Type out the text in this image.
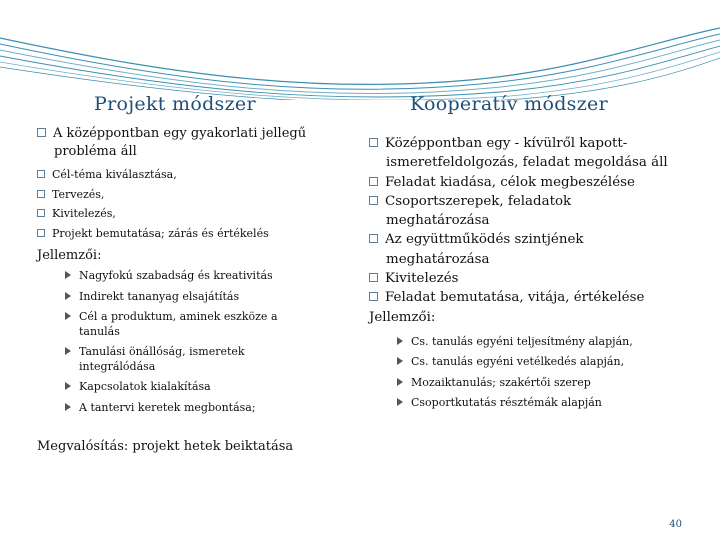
Projekt módszer
A középpontban egy gyakorlati jellegű probléma áll
Cél-téma kiválasztása,
Tervezés,
Kivitelezés,
Projekt bemutatása; zárás és értékelés
Jellemzői:
Nagyfokú szabadság és kreativitás
Indirekt tananyag elsajátítás
Cél a produktum, aminek eszköze a tanulás
Tanulási önállóság, ismeretek integrálódása
Kapcsolatok kialakítása
A tantervi keretek megbontása;
Megvalósítás: projekt hetek beiktatása
Kooperatív módszer
Középpontban egy - kívülről kapott- ismeretfeldolgozás, feladat megoldása áll
Feladat kiadása, célok megbeszélése
Csoportszerepek, feladatok meghatározása
Az együttműködés szintjének meghatározása
Kivitelezés
Feladat bemutatása, vitája, értékelése
Jellemzői:
Cs. tanulás egyéni teljesítmény alapján,
Cs. tanulás egyéni vetélkedés alapján,
Mozaiktanulás; szakértői szerep
Csoportkutatás résztémák alapján
40
